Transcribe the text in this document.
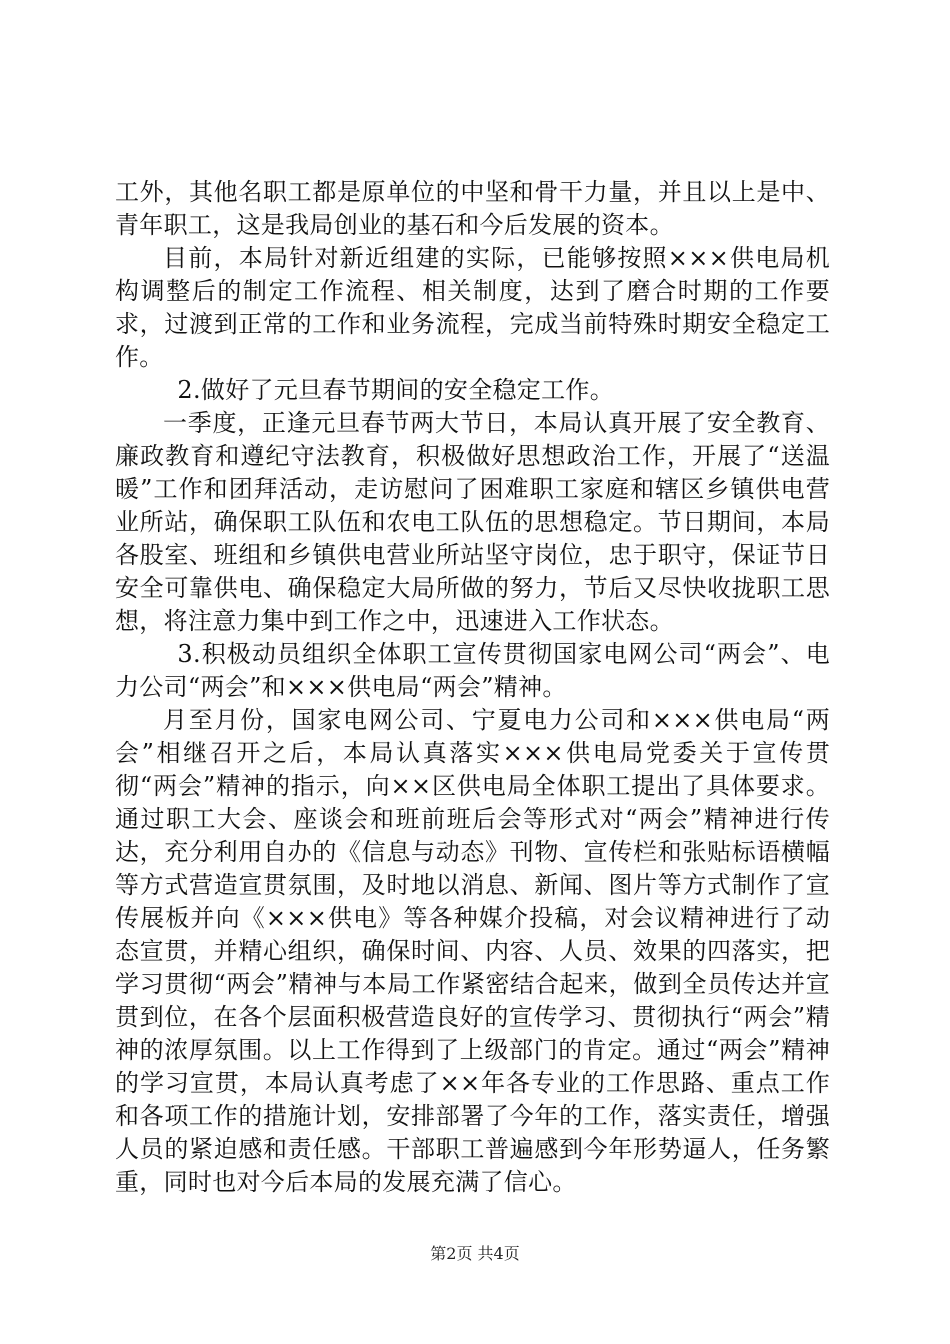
工外，其他名职工都是原单位的中坚和骨干力量，并且以上是中、青年职工，这是我局创业的基石和今后发展的资本。

目前，本局针对新近组建的实际，已能够按照×××供电局机构调整后的制定工作流程、相关制度，达到了磨合时期的工作要求，过渡到正常的工作和业务流程，完成当前特殊时期安全稳定工作。

2.做好了元旦春节期间的安全稳定工作。

一季度，正逢元旦春节两大节日，本局认真开展了安全教育、廉政教育和遵纪守法教育，积极做好思想政治工作，开展了“送温暖”工作和团拜活动，走访慰问了困难职工家庭和辖区乡镇供电营业所站，确保职工队伍和农电工队伍的思想稳定。节日期间，本局各股室、班组和乡镇供电营业所站坚守岗位，忠于职守，保证节日安全可靠供电、确保稳定大局所做的努力，节后又尽快收拢职工思想，将注意力集中到工作之中，迅速进入工作状态。

3.积极动员组织全体职工宣传贯彻国家电网公司“两会”、电力公司“两会”和×××供电局“两会”精神。

月至月份，国家电网公司、宁夏电力公司和×××供电局“两会”相继召开之后，本局认真落实×××供电局党委关于宣传贯彻“两会”精神的指示，向××区供电局全体职工提出了具体要求。通过职工大会、座谈会和班前班后会等形式对“两会”精神进行传达，充分利用自办的《信息与动态》刊物、宣传栏和张贴标语横幅等方式营造宣贯氛围，及时地以消息、新闻、图片等方式制作了宣传展板并向《×××供电》等各种媒介投稿，对会议精神进行了动态宣贯，并精心组织，确保时间、内容、人员、效果的四落实，把学习贯彻“两会”精神与本局工作紧密结合起来，做到全员传达并宣贯到位，在各个层面积极营造良好的宣传学习、贯彻执行“两会”精神的浓厚氛围。以上工作得到了上级部门的肯定。通过“两会”精神的学习宣贯，本局认真考虑了××年各专业的工作思路、重点工作和各项工作的措施计划，安排部署了今年的工作，落实责任，增强人员的紧迫感和责任感。干部职工普遍感到今年形势逼人，任务繁重，同时也对今后本局的发展充满了信心。

第2页 共4页
